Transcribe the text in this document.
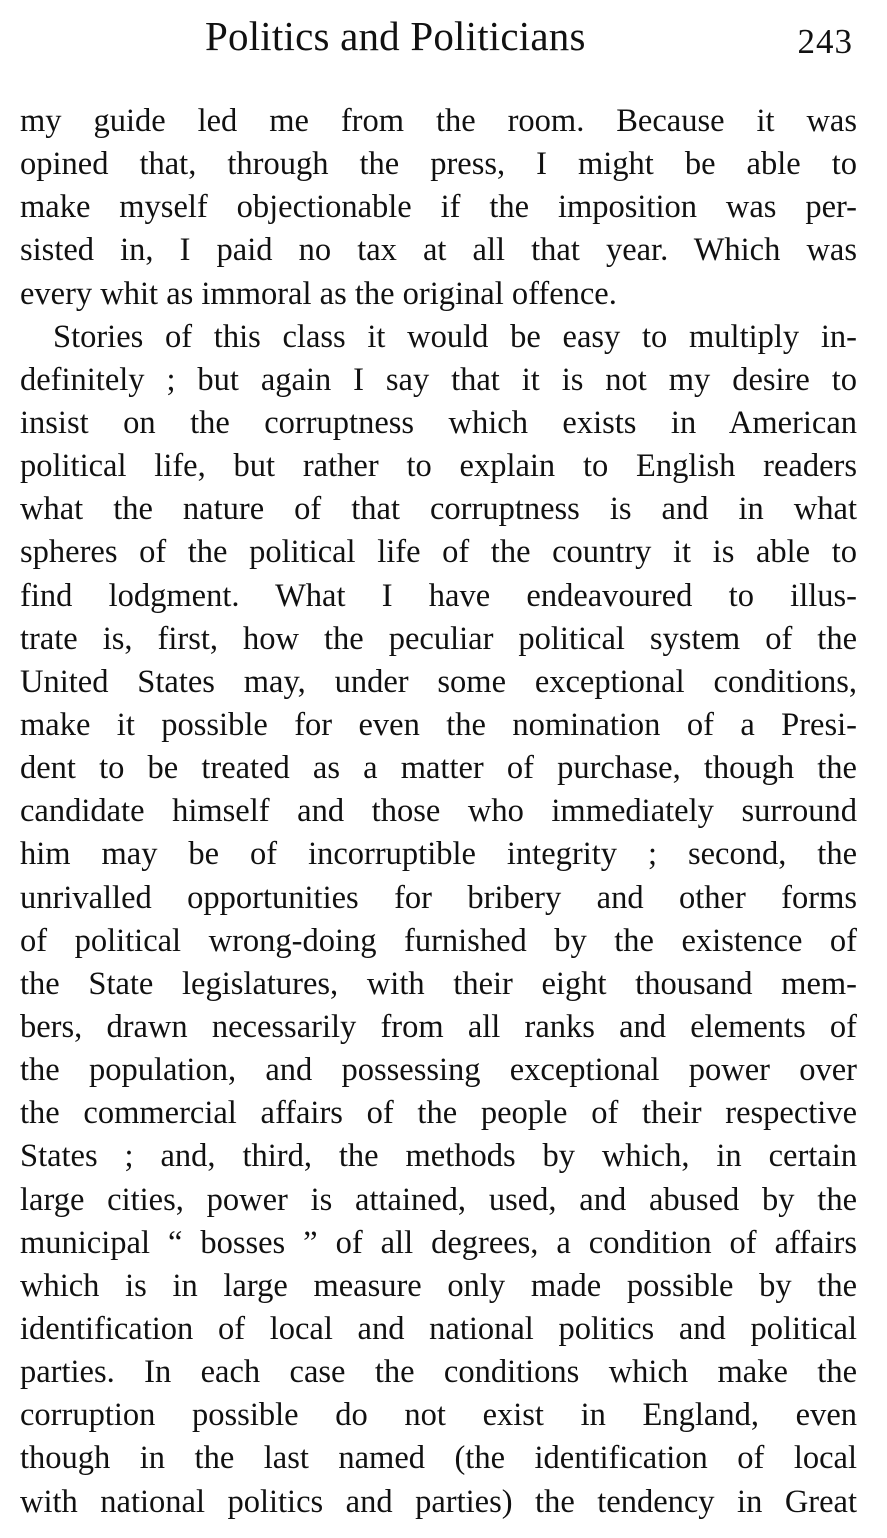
Politics and Politicians	243
my guide led me from the room. Because it was
opined that, through the press, I might be able to
make myself objectionable if the imposition was per-
sisted in, I paid no tax at all that year. Which was
every whit as immoral as the original offence.
Stories of this class it would be easy to multiply in-
definitely ; but again I say that it is not my desire to
insist on the corruptness which exists in American
political life, but rather to explain to English readers
what the nature of that corruptness is and in what
spheres of the political life of the country it is able to
find lodgment. What I have endeavoured to illus-
trate is, first, how the peculiar political system of the
United States may, under some exceptional conditions,
make it possible for even the nomination of a Presi-
dent to be treated as a matter of purchase, though the
candidate himself and those who immediately surround
him may be of incorruptible integrity ; second, the
unrivalled opportunities for bribery and other forms
of political wrong-doing furnished by the existence of
the State legislatures, with their eight thousand mem-
bers, drawn necessarily from all ranks and elements of
the population, and possessing exceptional power over
the commercial affairs of the people of their respective
States ; and, third, the methods by which, in certain
large cities, power is attained, used, and abused by the
municipal “ bosses ” of all degrees, a condition of affairs
which is in large measure only made possible by the
identification of local and national politics and political
parties. In each case the conditions which make the
corruption possible do not exist in England, even
though in the last named (the identification of local
with national politics and parties) the tendency in Great
